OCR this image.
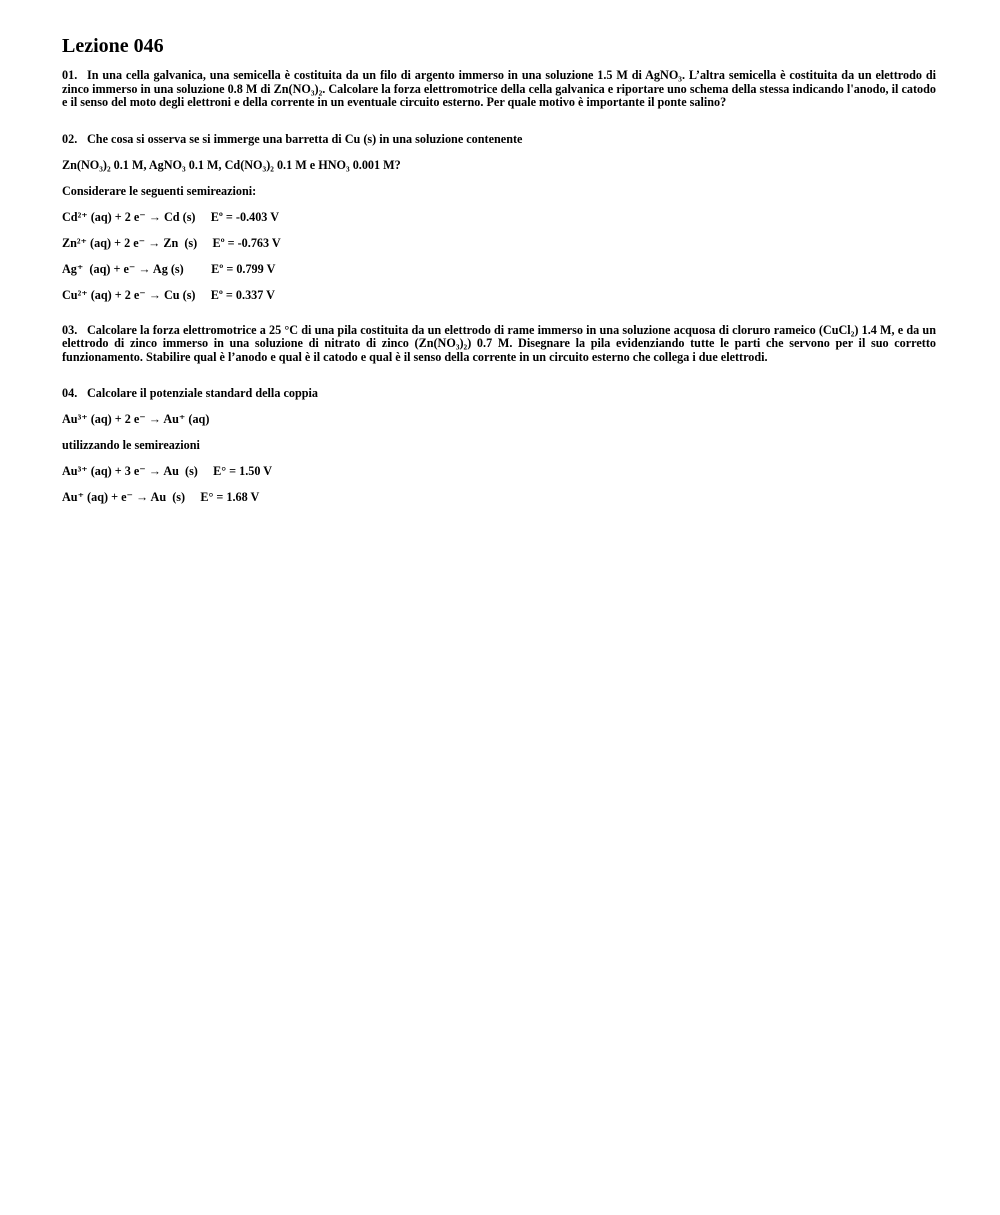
Lezione 046

01. In una cella galvanica, una semicella è costituita da un filo di argento immerso in una soluzione 1.5 M di AgNO₃. L’altra semicella è costituita da un elettrodo di zinco immerso in una soluzione 0.8 M di Zn(NO₃)₂. Calcolare la forza elettromotrice della cella galvanica e riportare uno schema della stessa indicando l'anodo, il catodo e il senso del moto degli elettroni e della corrente in un eventuale circuito esterno. Per quale motivo è importante il ponte salino?

02. Che cosa si osserva se si immerge una barretta di Cu (s) in una soluzione contenente

Zn(NO₃)₂ 0.1 M, AgNO₃ 0.1 M, Cd(NO₃)₂ 0.1 M e HNO₃ 0.001 M?

Considerare le seguenti semireazioni:

Cd²⁺ (aq) + 2 e⁻ → Cd (s) Eº = -0.403 V

Zn²⁺ (aq) + 2 e⁻ → Zn  (s) Eº = -0.763 V

Ag⁺  (aq) + e⁻ → Ag (s) Eº = 0.799 V

Cu²⁺ (aq) + 2 e⁻ → Cu (s) Eº = 0.337 V

03. Calcolare la forza elettromotrice a 25 °C di una pila costituita da un elettrodo di rame immerso in una soluzione acquosa di cloruro rameico (CuCl₂) 1.4 M, e da un elettrodo di zinco immerso in una soluzione di nitrato di zinco (Zn(NO₃)₂) 0.7 M. Disegnare la pila evidenziando tutte le parti che servono per il suo corretto funzionamento. Stabilire qual è l’anodo e qual è il catodo e qual è il senso della corrente in un circuito esterno che collega i due elettrodi.

04. Calcolare il potenziale standard della coppia

Au³⁺ (aq) + 2 e⁻ → Au⁺ (aq)

utilizzando le semireazioni

Au³⁺ (aq) + 3 e⁻ → Au  (s) E° = 1.50 V

Au⁺ (aq) + e⁻ → Au  (s) E° = 1.68 V
